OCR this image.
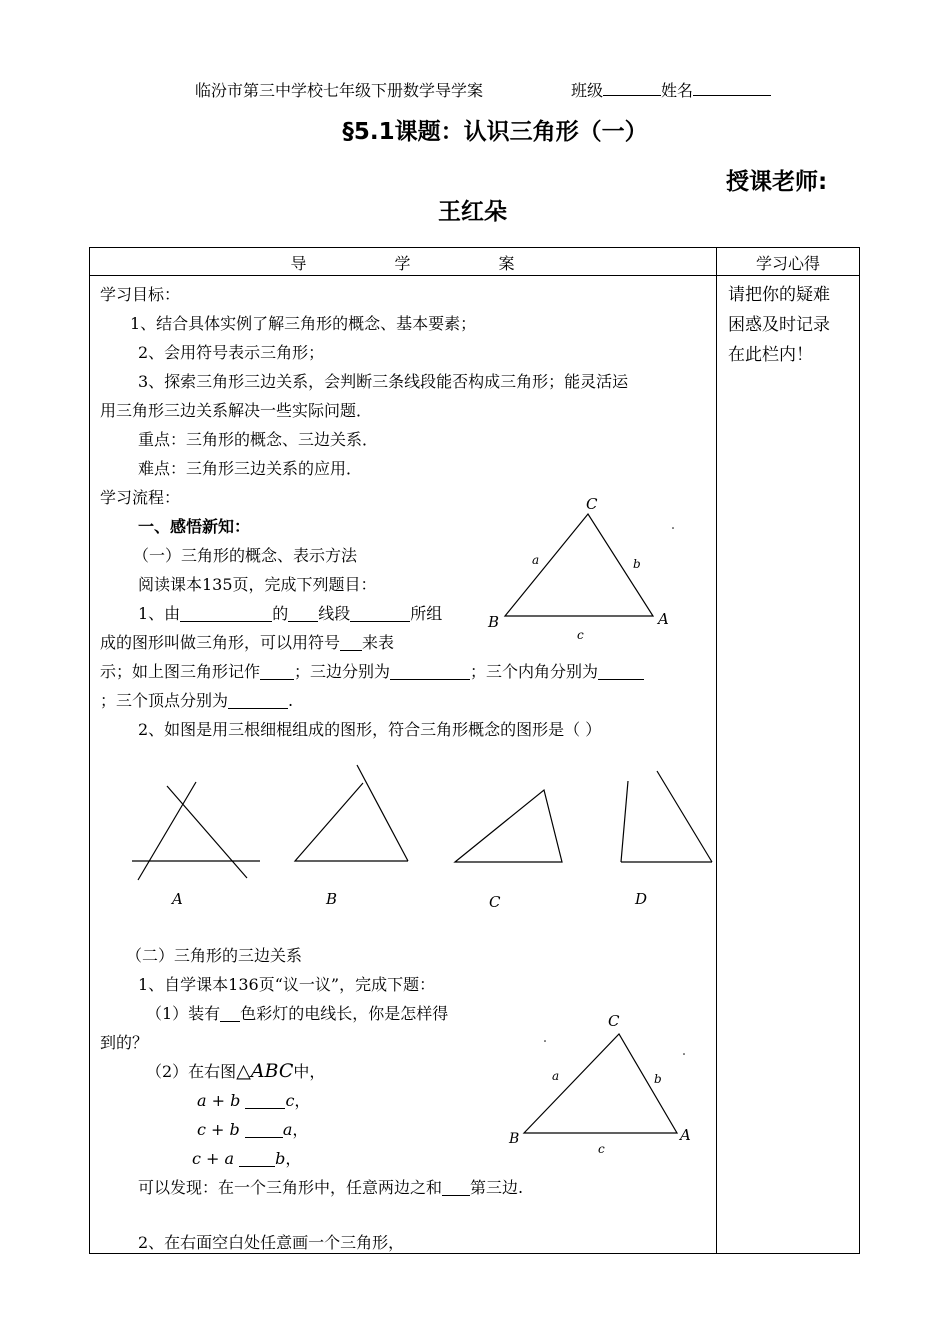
临汾市第三中学校七年级下册数学导学案	班级	姓名
§5.1课题：认识三角形（一）
授课老师:
王红朵
导	学	案	学习心得
请把你的疑难
困惑及时记录
在此栏内！
学习目标：
1、结合具体实例了解三角形的概念、基本要素；
2、会用符号表示三角形；
3、探索三角形三边关系，会判断三条线段能否构成三角形；能灵活运
用三角形三边关系解决一些实际问题．
重点：三角形的概念、三边关系．
难点：三角形三边关系的应用．
学习流程：
一、感悟新知：
（一）三角形的概念、表示方法
阅读课本135页，完成下列题目：
1、由	的 线段	所组
成的图形叫做三角形，可以用符号 来表
示；如上图三角形记作 ；三边分别为	；三个内角分别为
；三个顶点分别为	.
2、如图是用三根细棍组成的图形，符合三角形概念的图形是（ ）
C
B	A
a	b
c
A	B	C	D
（二）三角形的三边关系
1、自学课本136页“议一议”，完成下题：
（1）装有 色彩灯的电线长，你是怎样得
到的？
（2）在右图△ABC中，
a + b	c，
c + b	a，
c + a	b，
可以发现：在一个三角形中，任意两边之和 第三边.
2、在右面空白处任意画一个三角形，
C
B	A
a	b
c
